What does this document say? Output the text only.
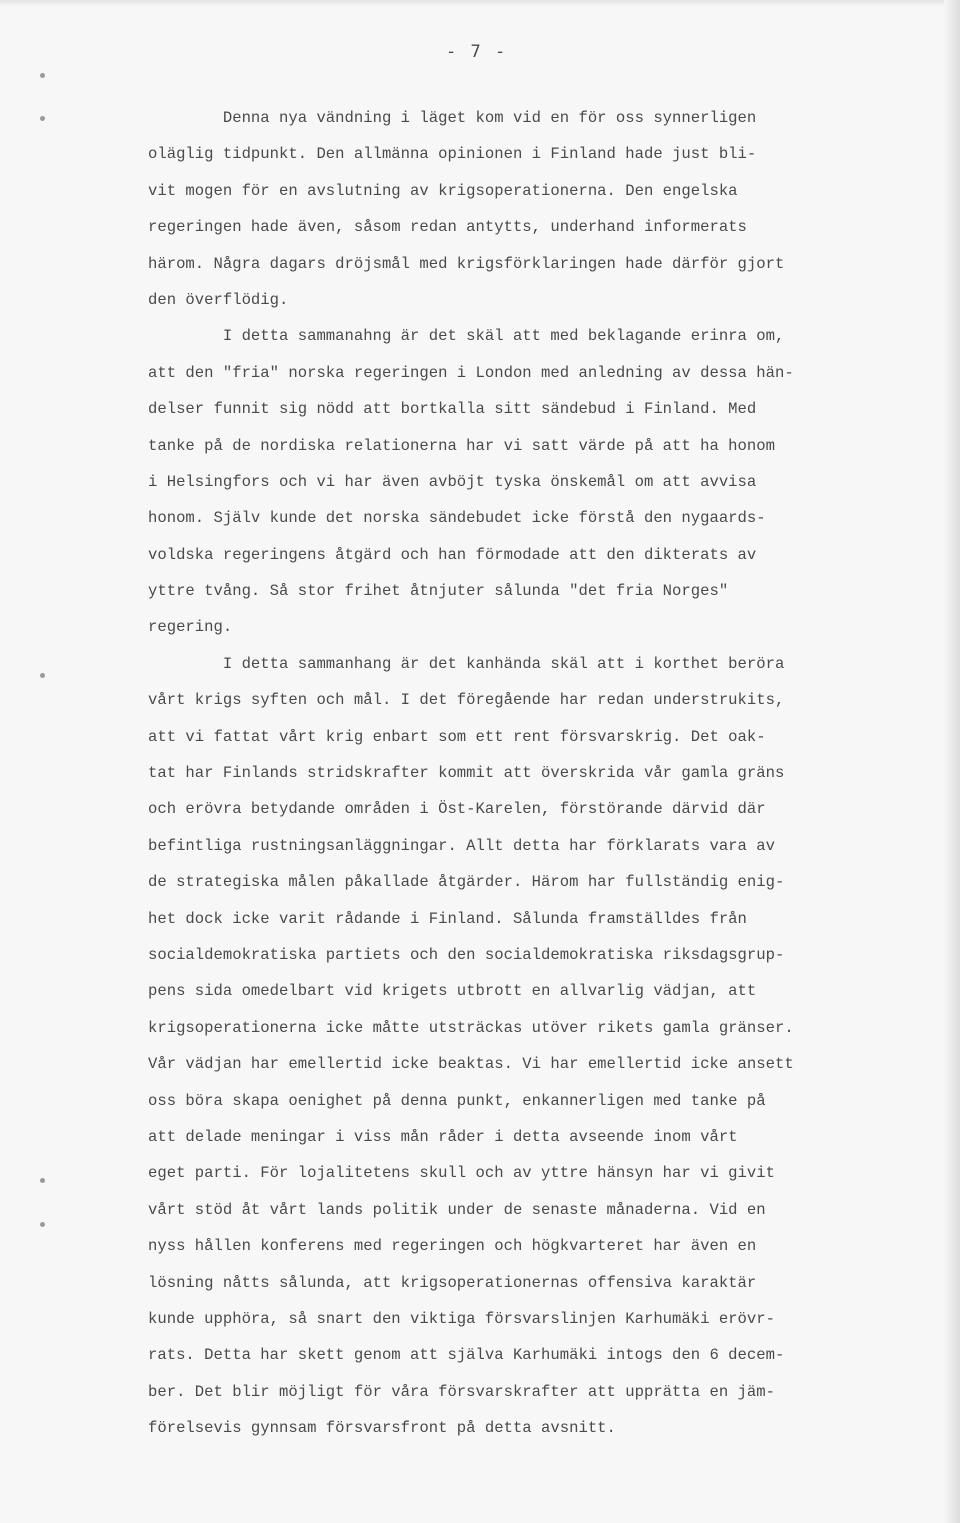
- 7 -
Denna nya vändning i läget kom vid en för oss synnerligen
oläglig tidpunkt. Den allmänna opinionen i Finland hade just bli-
vit mogen för en avslutning av krigsoperationerna. Den engelska
regeringen hade även, såsom redan antytts, underhand informerats
härom. Några dagars dröjsmål med krigsförklaringen hade därför gjort
den överflödig.
I detta sammanahng är det skäl att med beklagande erinra om,
att den "fria" norska regeringen i London med anledning av dessa hän-
delser funnit sig nödd att bortkalla sitt sändebud i Finland. Med
tanke på de nordiska relationerna har vi satt värde på att ha honom
i Helsingfors och vi har även avböjt tyska önskemål om att avvisa
honom. Själv kunde det norska sändebudet icke förstå den nygaards-
voldska regeringens åtgärd och han förmodade att den dikterats av
yttre tvång. Så stor frihet åtnjuter sålunda "det fria Norges"
regering.
I detta sammanhang är det kanhända skäl att i korthet beröra
vårt krigs syften och mål. I det föregående har redan understrukits,
att vi fattat vårt krig enbart som ett rent försvarskrig. Det oak-
tat har Finlands stridskrafter kommit att överskrida vår gamla gräns
och erövra betydande områden i Öst-Karelen, förstörande därvid där
befintliga rustningsanläggningar. Allt detta har förklarats vara av
de strategiska målen påkallade åtgärder. Härom har fullständig enig-
het dock icke varit rådande i Finland. Sålunda framställdes från
socialdemokratiska partiets och den socialdemokratiska riksdagsgrup-
pens sida omedelbart vid krigets utbrott en allvarlig vädjan, att
krigsoperationerna icke måtte utsträckas utöver rikets gamla gränser.
Vår vädjan har emellertid icke beaktas. Vi har emellertid icke ansett
oss böra skapa oenighet på denna punkt, enkannerligen med tanke på
att delade meningar i viss mån råder i detta avseende inom vårt
eget parti. För lojalitetens skull och av yttre hänsyn har vi givit
vårt stöd åt vårt lands politik under de senaste månaderna. Vid en
nyss hållen konferens med regeringen och högkvarteret har även en
lösning nåtts sålunda, att krigsoperationernas offensiva karaktär
kunde upphöra, så snart den viktiga försvarslinjen Karhumäki erövr-
rats. Detta har skett genom att själva Karhumäki intogs den 6 decem-
ber. Det blir möjligt för våra försvarskrafter att upprätta en jäm-
förelsevis gynnsam försvarsfront på detta avsnitt.
